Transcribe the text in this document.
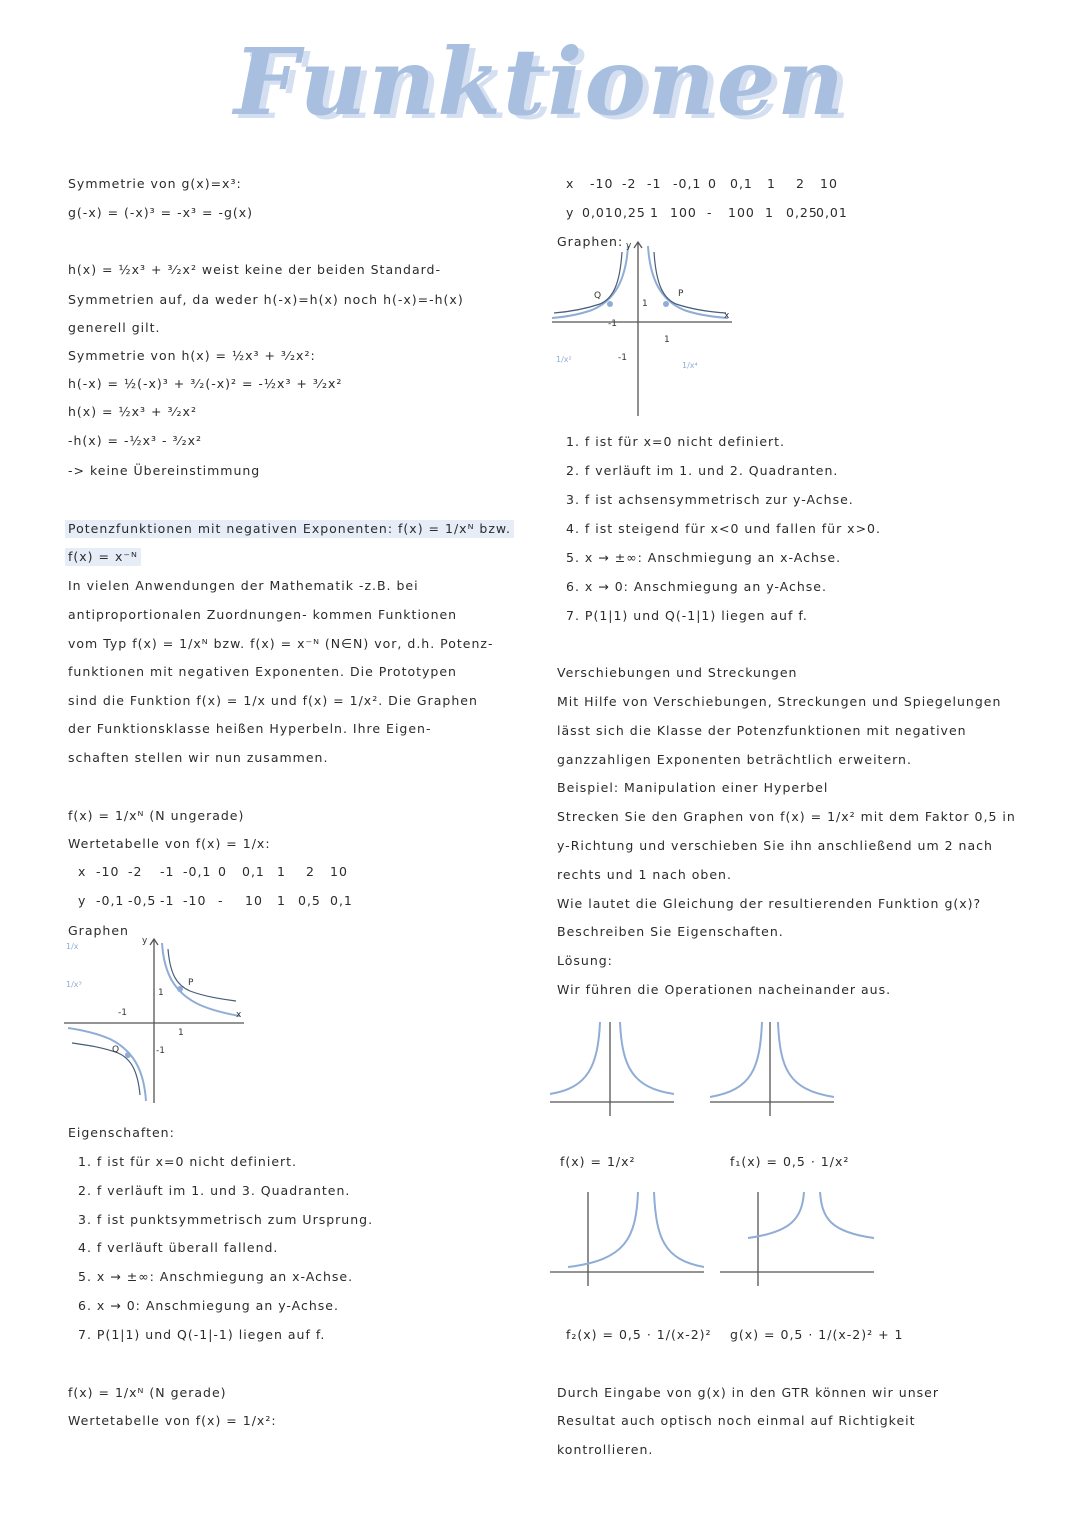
Funktionen
Symmetrie von g(x)=x³:
g(-x) = (-x)³ = -x³ = -g(x)
h(x) = ½x³ + ³⁄₂x² weist keine der beiden Standard-
Symmetrien auf, da weder h(-x)=h(x) noch h(-x)=-h(x)
generell gilt.
Symmetrie von h(x) = ½x³ + ³⁄₂x²:
h(-x) = ½(-x)³ + ³⁄₂(-x)² = -½x³ + ³⁄₂x²
h(x) = ½x³ + ³⁄₂x²
-h(x) = -½x³ - ³⁄₂x²
-> keine Übereinstimmung
Potenzfunktionen mit negativen Exponenten: f(x) = 1/xᴺ bzw.
f(x) = x⁻ᴺ
In vielen Anwendungen der Mathematik -z.B. bei
antiproportionalen Zuordnungen- kommen Funktionen
vom Typ f(x) = 1/xᴺ bzw. f(x) = x⁻ᴺ (N∈N) vor, d.h. Potenz-
funktionen mit negativen Exponenten. Die Prototypen
sind die Funktion f(x) = 1/x und f(x) = 1/x². Die Graphen
der Funktionsklasse heißen Hyperbeln. Ihre Eigen-
schaften stellen wir nun zusammen.
f(x) = 1/xᴺ (N ungerade)
Wertetabelle von f(x) = 1/x:
x -10 -2 -1 -0,1 0 0,1 1 2 10
y -0,1 -0,5 -1 -10 - 10 1 0,5 0,1
Graphen
y
x
P
Q
1
1
-1
-1
1/x
1/x³
Eigenschaften:
1. f ist für x=0 nicht definiert.
2. f verläuft im 1. und 3. Quadranten.
3. f ist punktsymmetrisch zum Ursprung.
4. f verläuft überall fallend.
5. x → ±∞: Anschmiegung an x-Achse.
6. x → 0: Anschmiegung an y-Achse.
7. P(1|1) und Q(-1|-1) liegen auf f.
f(x) = 1/xᴺ (N gerade)
Wertetabelle von f(x) = 1/x²:
x -10 -2 -1 -0,1 0 0,1 1 2 10
y 0,01 0,25 1 100 - 100 1 0,25
0,01
Graphen: y
x
P
Q
1
1
-1
-1
1/x²
1/x⁴
1. f ist für x=0 nicht definiert.
2. f verläuft im 1. und 2. Quadranten.
3. f ist achsensymmetrisch zur y-Achse.
4. f ist steigend für x<0 und fallen für x>0.
5. x → ±∞: Anschmiegung an x-Achse.
6. x → 0: Anschmiegung an y-Achse.
7. P(1|1) und Q(-1|1) liegen auf f.
Verschiebungen und Streckungen
Mit Hilfe von Verschiebungen, Streckungen und Spiegelungen
lässt sich die Klasse der Potenzfunktionen mit negativen
ganzzahligen Exponenten beträchtlich erweitern.
Beispiel: Manipulation einer Hyperbel
Strecken Sie den Graphen von f(x) = 1/x² mit dem Faktor 0,5 in
y-Richtung und verschieben Sie ihn anschließend um 2 nach
rechts und 1 nach oben.
Wie lautet die Gleichung der resultierenden Funktion g(x)?
Beschreiben Sie Eigenschaften.
Lösung:
Wir führen die Operationen nacheinander aus.
f(x) = 1/x²	f₁(x) = 0,5 · 1/x²
f₂(x) = 0,5 · 1/(x-2)² g(x) = 0,5 · 1/(x-2)² + 1
Durch Eingabe von g(x) in den GTR können wir unser
Resultat auch optisch noch einmal auf Richtigkeit
kontrollieren.
